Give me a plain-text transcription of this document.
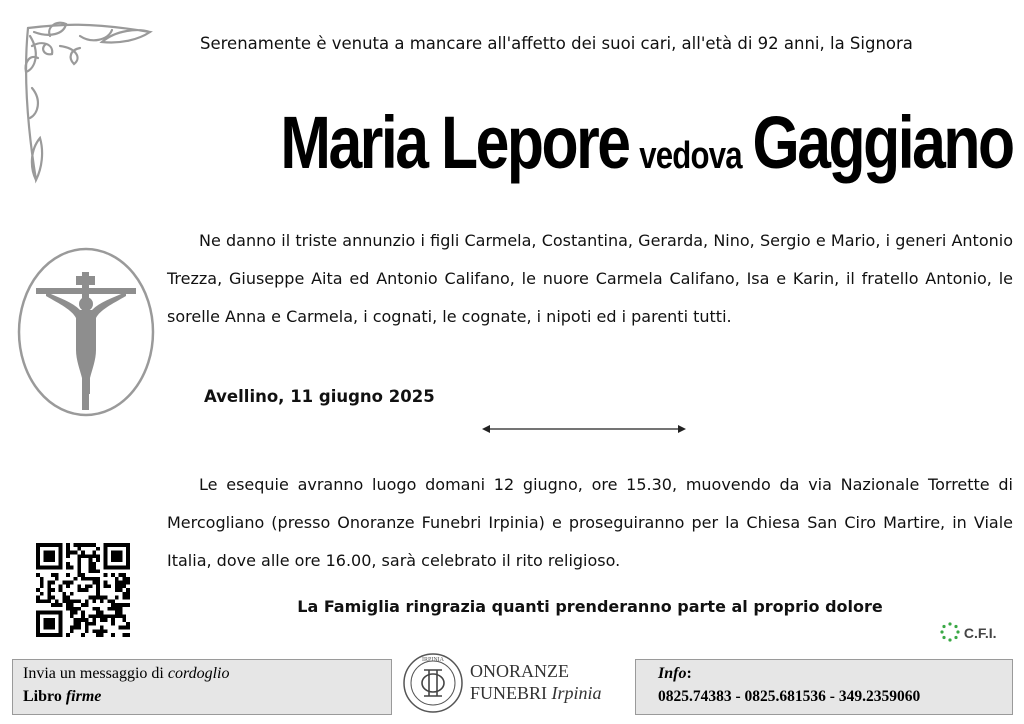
Serenamente è venuta a mancare all'affetto dei suoi cari, all'età di 92 anni, la Signora
Maria Lepore vedova Gaggiano
Ne danno il triste annunzio i figli Carmela, Costantina, Gerarda, Nino, Sergio e Mario, i generi Antonio Trezza, Giuseppe Aita ed Antonio Califano, le nuore Carmela Califano, Isa e Karin, il fratello Antonio, le sorelle Anna e Carmela, i cognati, le cognate, i nipoti ed i parenti tutti.
Avellino, 11 giugno 2025
Le esequie avranno luogo domani 12 giugno, ore 15.30, muovendo da via Nazionale Torrette di Mercogliano (presso Onoranze Funebri Irpinia) e proseguiranno per la Chiesa San Ciro Martire, in Viale Italia, dove alle ore 16.00, sarà celebrato il rito religioso.
La Famiglia ringrazia quanti prenderanno parte al proprio dolore
C.F.I.
Invia un messaggio di cordoglio
Libro firme
IRPINIA
ONORANZE
FUNEBRI Irpinia
Info:
0825.74383 - 0825.681536 - 349.2359060
